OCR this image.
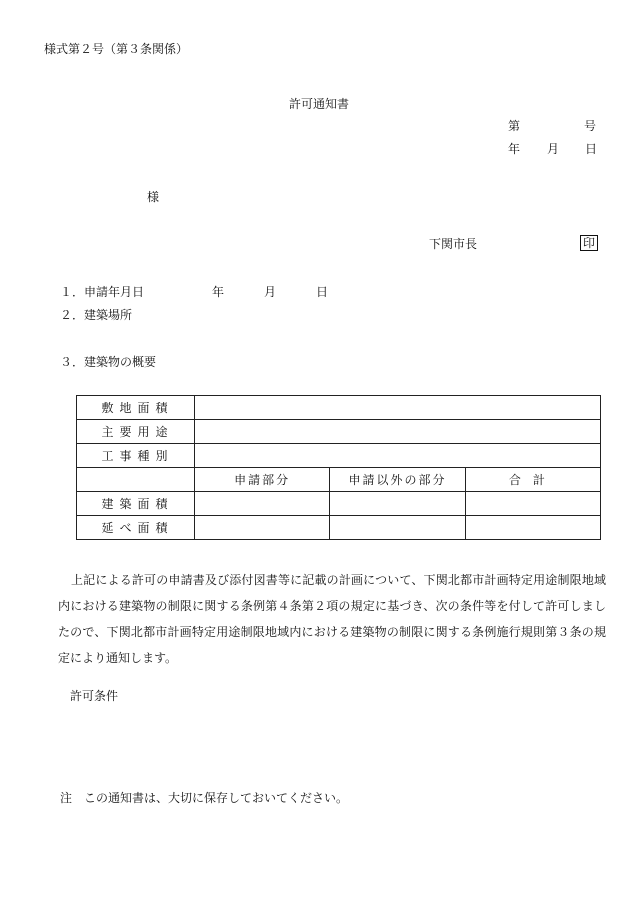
様式第２号（第３条関係）
許可通知書
第	号
年 月 日
様
下関市長	印
１．申請年月日	年	月	日
２．建築場所
３．建築物の概要
敷地面積			
主要用途			
工事種別			
	申請部分	申請以外の部分	合計
建築面積			
延べ面積			
上記による許可の申請書及び添付図書等に記載の計画について、下関北都市計画特定用途制限地域内における建築物の制限に関する条例第４条第２項の規定に基づき、次の条件等を付して許可しましたので、下関北都市計画特定用途制限地域内における建築物の制限に関する条例施行規則第３条の規定により通知します。
許可条件
注　この通知書は、大切に保存しておいてください。
